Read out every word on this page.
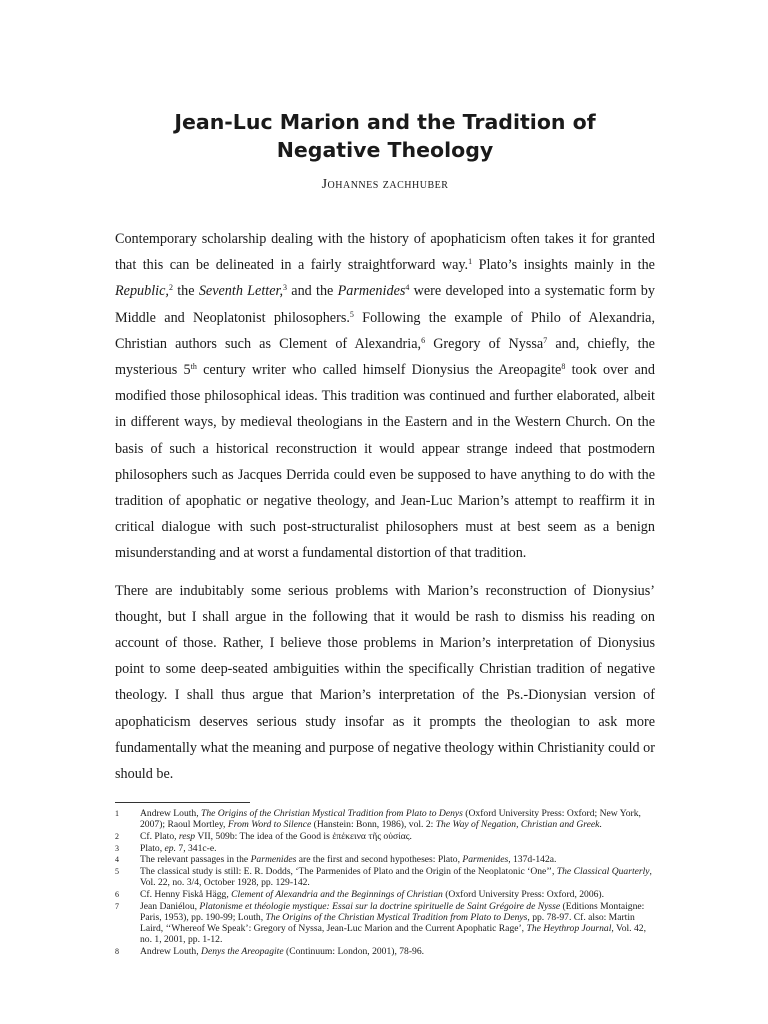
Jean-Luc Marion and the Tradition of
Negative Theology
Johannes zachhuber

Contemporary scholarship dealing with the history of apophaticism often takes it for granted that this can be delineated in a fairly straightforward way.$^1$ Plato’s insights mainly in the Republic,$^2$ the Seventh Letter,$^3$ and the Parmenides$^4$ were developed into a systematic form by Middle and Neoplatonist philosophers.$^5$ Following the example of Philo of Alexandria, Christian authors such as Clement of Alexandria,$^6$ Gregory of Nyssa$^7$ and, chiefly, the mysterious 5th century writer who called himself Dionysius the Areopagite$^8$ took over and modified those philosophical ideas. This tradition was continued and further elaborated, albeit in different ways, by medieval theologians in the Eastern and in the Western Church. On the basis of such a historical reconstruction it would appear strange indeed that postmodern philosophers such as Jacques Derrida could even be supposed to have anything to do with the tradition of apophatic or negative theology, and Jean-Luc Marion’s attempt to reaffirm it in critical dialogue with such post-structuralist philosophers must at best seem as a benign misunderstanding and at worst a fundamental distortion of that tradition.

There are indubitably some serious problems with Marion’s reconstruction of Dionysius’ thought, but I shall argue in the following that it would be rash to dismiss his reading on account of those. Rather, I believe those problems in Marion’s interpretation of Dionysius point to some deep-seated ambiguities within the specifically Christian tradition of negative theology. I shall thus argue that Marion’s interpretation of the Ps.-Dionysian version of apophaticism deserves serious study insofar as it prompts the theologian to ask more fundamentally what the meaning and purpose of negative theology within Christianity could or should be.

1 Andrew Louth, The Origins of the Christian Mystical Tradition from Plato to Denys (Oxford University Press: Oxford; New York, 2007); Raoul Mortley, From Word to Silence (Hanstein: Bonn, 1986), vol. 2: The Way of Negation, Christian and Greek.
2 Cf. Plato, resp VII, 509b: The idea of the Good is ἐπέκεινα τῆς οὐσίας.
3 Plato, ep. 7, 341c-e.
4 The relevant passages in the Parmenides are the first and second hypotheses: Plato, Parmenides, 137d-142a.
5 The classical study is still: E. R. Dodds, ‘The Parmenides of Plato and the Origin of the Neoplatonic ‘One’’, The Classical Quarterly, Vol. 22, no. 3/4, October 1928, pp. 129-142.
6 Cf. Henny Fiskå Hägg, Clement of Alexandria and the Beginnings of Christian (Oxford University Press: Oxford, 2006).
7 Jean Daniélou, Platonisme et théologie mystique: Essai sur la doctrine spirituelle de Saint Grégoire de Nysse (Editions Montaigne: Paris, 1953), pp. 190-99; Louth, The Origins of the Christian Mystical Tradition from Plato to Denys, pp. 78-97. Cf. also: Martin Laird, ‘‘Whereof We Speak’: Gregory of Nyssa, Jean-Luc Marion and the Current Apophatic Rage’, The Heythrop Journal, Vol. 42, no. 1, 2001, pp. 1-12.
8 Andrew Louth, Denys the Areopagite (Continuum: London, 2001), 78-96.
